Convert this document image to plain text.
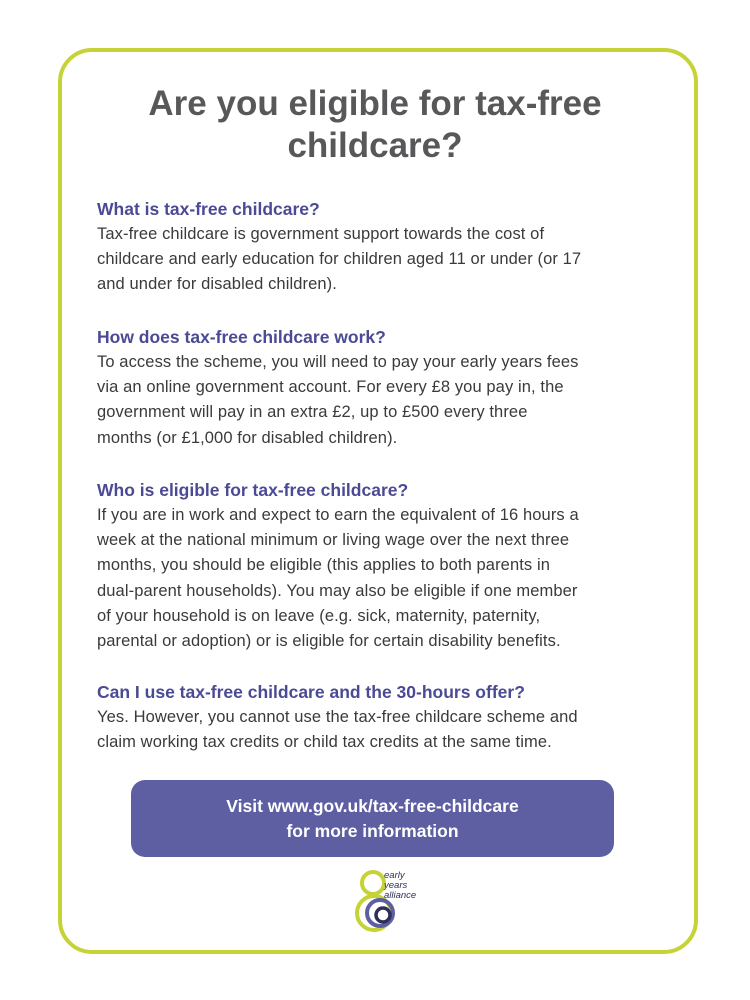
Are you eligible for tax-free childcare?
What is tax-free childcare?

Tax-free childcare is government support towards the cost of
childcare and early education for children aged 11 or under (or 17
and under for disabled children).

How does tax-free childcare work?

To access the scheme, you will need to pay your early years fees
via an online government account. For every £8 you pay in, the
government will pay in an extra £2, up to £500 every three
months (or £1,000 for disabled children).

Who is eligible for tax-free childcare?

If you are in work and expect to earn the equivalent of 16 hours a
week at the national minimum or living wage over the next three
months, you should be eligible (this applies to both parents in
dual-parent households). You may also be eligible if one member
of your household is on leave (e.g. sick, maternity, paternity,
parental or adoption) or is eligible for certain disability benefits.

Can I use tax-free childcare and the 30-hours offer?

Yes. However, you cannot use the tax-free childcare scheme and
claim working tax credits or child tax credits at the same time.

Visit www.gov.uk/tax-free-childcare
for more information
early
years
alliance
